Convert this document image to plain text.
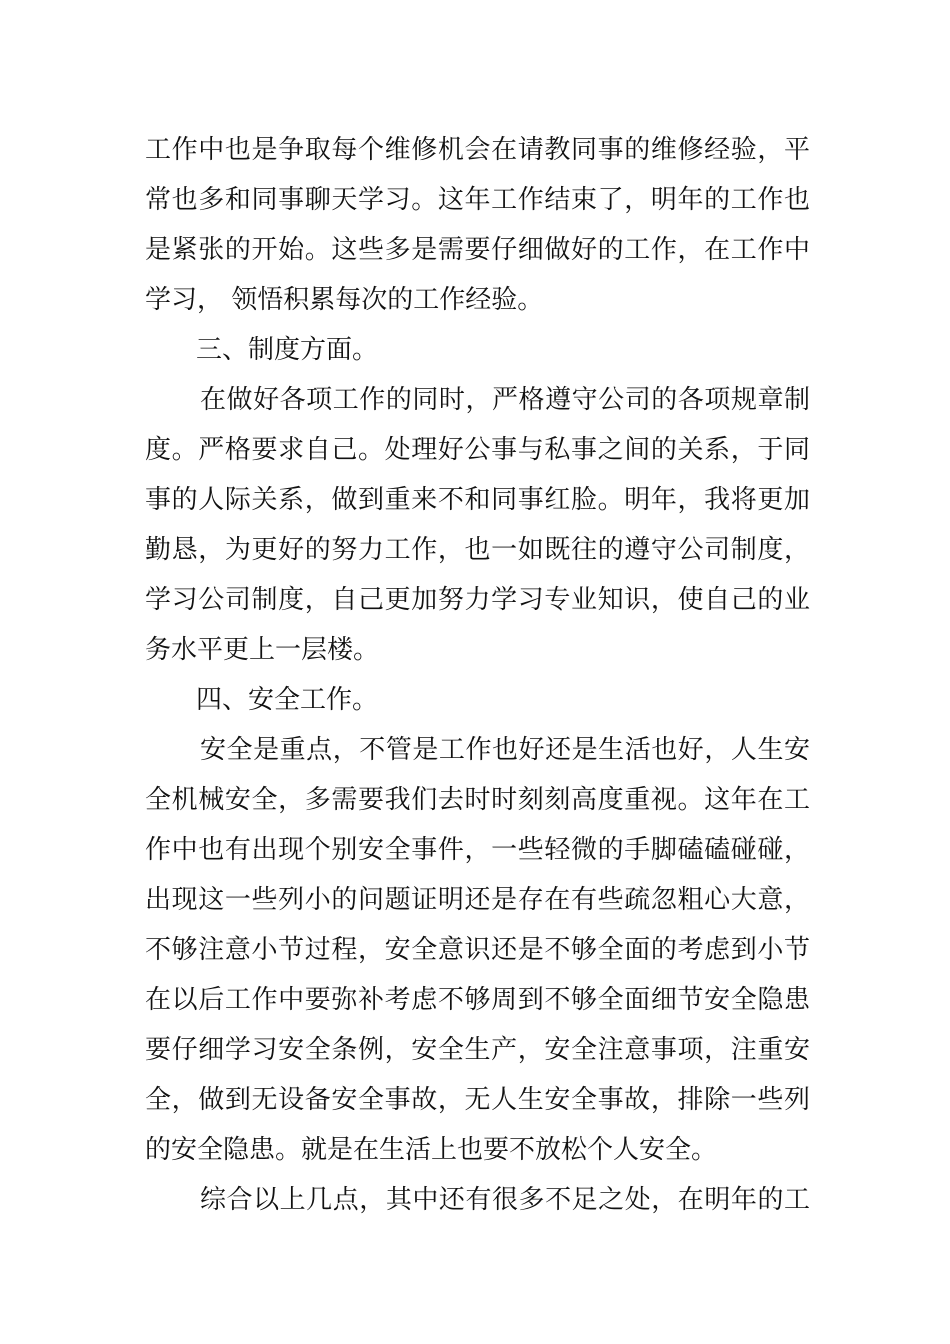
工作中也是争取每个维修机会在请教同事的维修经验，平

常也多和同事聊天学习。这年工作结束了，明年的工作也

是紧张的开始。这些多是需要仔细做好的工作，在工作中

学习， 领悟积累每次的工作经验。

三、制度方面。

在做好各项工作的同时，严格遵守公司的各项规章制

度。严格要求自己。处理好公事与私事之间的关系，于同

事的人际关系，做到重来不和同事红脸。明年，我将更加

勤恳，为更好的努力工作，也一如既往的遵守公司制度，

学习公司制度，自己更加努力学习专业知识，使自己的业

务水平更上一层楼。

四、安全工作。

安全是重点，不管是工作也好还是生活也好，人生安

全机械安全，多需要我们去时时刻刻高度重视。这年在工

作中也有出现个别安全事件，一些轻微的手脚磕磕碰碰，

出现这一些列小的问题证明还是存在有些疏忽粗心大意，

不够注意小节过程，安全意识还是不够全面的考虑到小节

在以后工作中要弥补考虑不够周到不够全面细节安全隐患

要仔细学习安全条例，安全生产，安全注意事项，注重安

全，做到无设备安全事故，无人生安全事故，排除一些列

的安全隐患。就是在生活上也要不放松个人安全。

综合以上几点，其中还有很多不足之处，在明年的工
